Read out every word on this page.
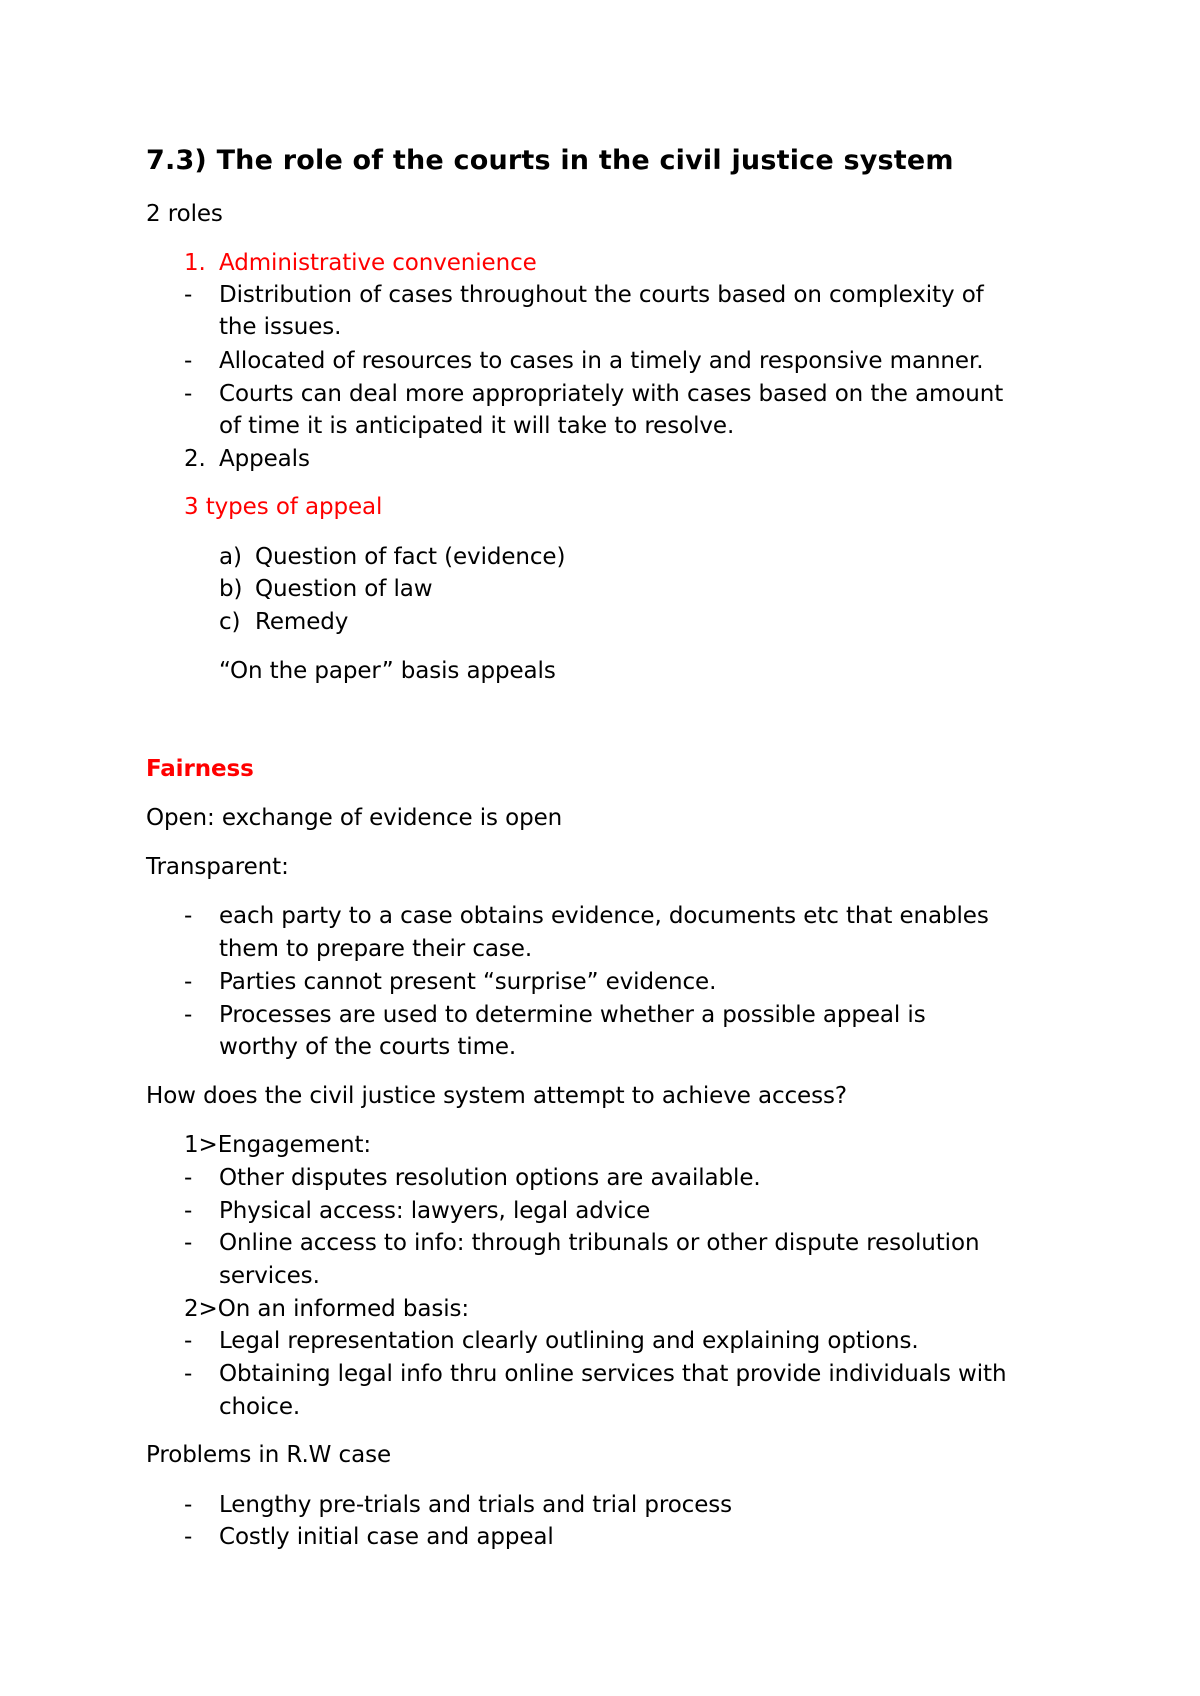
7.3) The role of the courts in the civil justice system
2 roles
1. Administrative convenience
- Distribution of cases throughout the courts based on complexity of
the issues.
- Allocated of resources to cases in a timely and responsive manner.
- Courts can deal more appropriately with cases based on the amount
of time it is anticipated it will take to resolve.
2. Appeals
3 types of appeal
a) Question of fact (evidence)
b) Question of law
c) Remedy
“On the paper” basis appeals
Fairness
Open: exchange of evidence is open
Transparent:
- each party to a case obtains evidence, documents etc that enables
them to prepare their case.
- Parties cannot present “surprise” evidence.
- Processes are used to determine whether a possible appeal is
worthy of the courts time.
How does the civil justice system attempt to achieve access?
1>Engagement:
- Other disputes resolution options are available.
- Physical access: lawyers, legal advice
- Online access to info: through tribunals or other dispute resolution
services.
2>On an informed basis:
- Legal representation clearly outlining and explaining options.
- Obtaining legal info thru online services that provide individuals with
choice.
Problems in R.W case
- Lengthy pre-trials and trials and trial process
- Costly initial case and appeal
